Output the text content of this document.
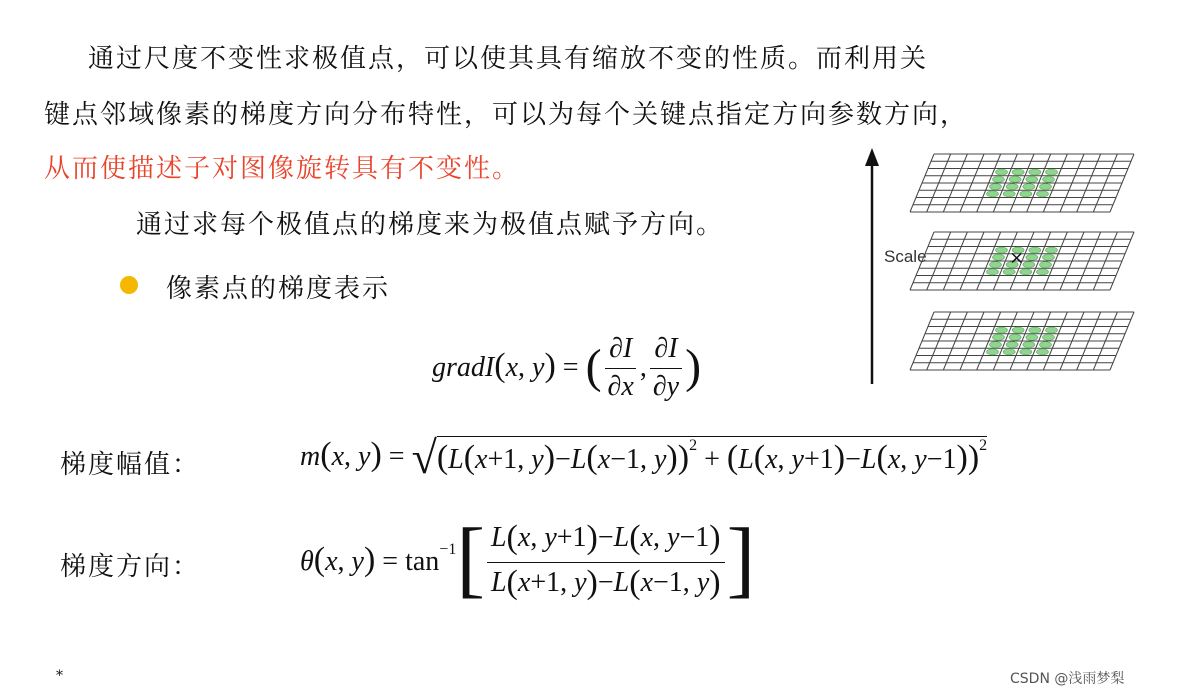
通过尺度不变性求极值点，可以使其具有缩放不变的性质。而利用关
键点邻域像素的梯度方向分布特性，可以为每个关键点指定方向参数方向，
从而使描述子对图像旋转具有不变性。
通过求每个极值点的梯度来为极值点赋予方向。
像素点的梯度表示
gradI ( x , y ) = ( $\frac{\partial I}{\partial x}$ , $\frac{\partial I}{\partial y}$ )
梯度幅值：	m ( x , y ) = √ ( L ( x +1, y ) − L ( x −1, y ) )$^2$ + ( L ( x , y +1 ) − L ( x , y −1 ) )$^2$
梯度方向：	θ ( x , y ) = $\tan^{-1}$ [ $\frac{L(x, y+1)-L(x, y-1)}{L(x+1, y)-L(x-1, y)}$ ]
Scale	×
*	CSDN @浅雨梦梨
